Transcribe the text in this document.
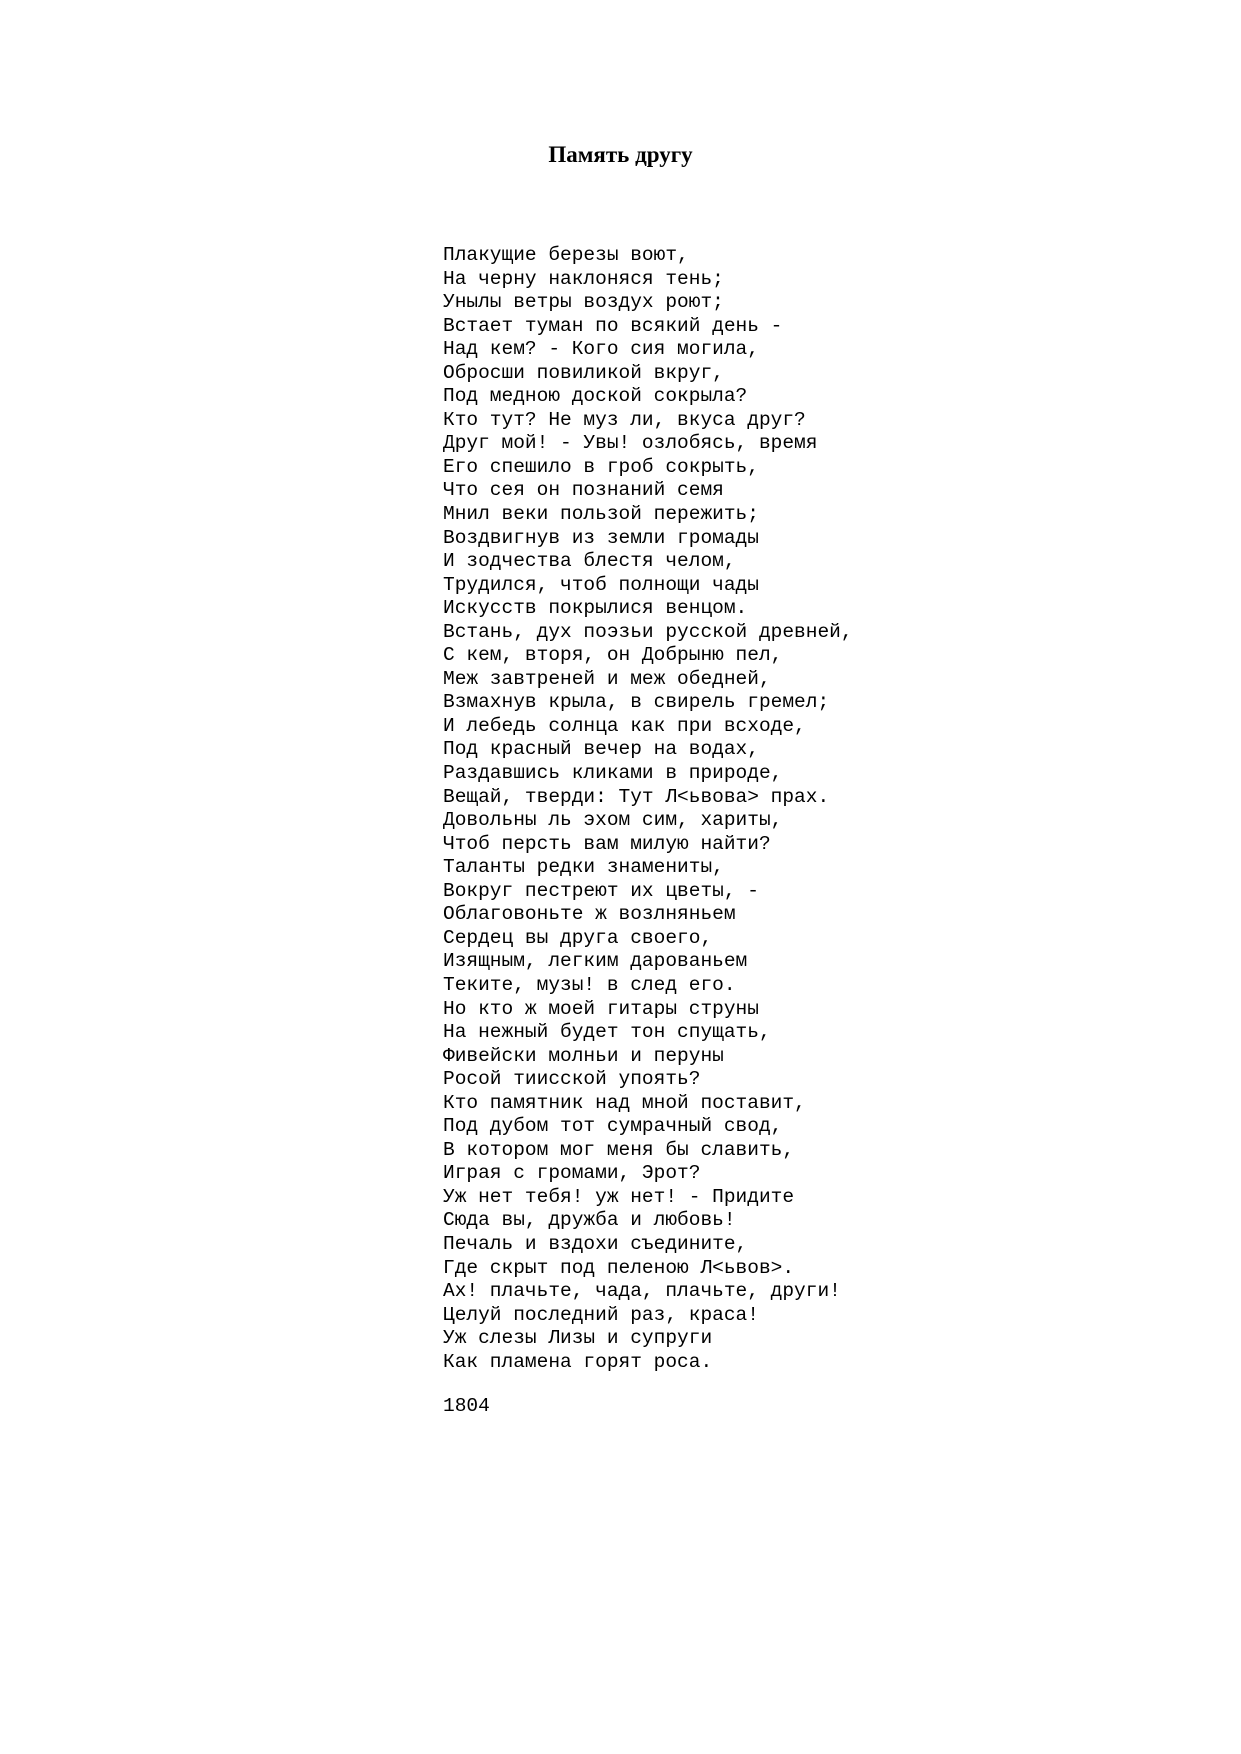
Память другу
Плакущие березы воют,
На черну наклоняся тень;
Унылы ветры воздух роют;
Встает туман по всякий день -
Над кем? - Кого сия могила,
Обросши повиликой вкруг,
Под медною доской сокрыла?
Кто тут? Не муз ли, вкуса друг?
Друг мой! - Увы! озлобясь, время
Его спешило в гроб сокрыть,
Что сея он познаний семя
Мнил веки пользой пережить;
Воздвигнув из земли громады
И зодчества блестя челом,
Трудился, чтоб полнощи чады
Искусств покрылися венцом.
Встань, дух поэзьи русской древней,
С кем, вторя, он Добрыню пел,
Меж завтреней и меж обедней,
Взмахнув крыла, в свирель гремел;
И лебедь солнца как при всходе,
Под красный вечер на водах,
Раздавшись кликами в природе,
Вещай, тверди: Тут Л<ьвова> прах.
Довольны ль эхом сим, хариты,
Чтоб персть вам милую найти?
Таланты редки знамениты,
Вокруг пестреют их цветы, -
Облаговоньте ж возлняньем
Сердец вы друга своего,
Изящным, легким дарованьем
Теките, музы! в след его.
Но кто ж моей гитары струны
На нежный будет тон спущать,
Фивейски молньи и перуны
Росой тиисской упоять?
Кто памятник над мной поставит,
Под дубом тот сумрачный свод,
В котором мог меня бы славить,
Играя с громами, Эрот?
Уж нет тебя! уж нет! - Придите
Сюда вы, дружба и любовь!
Печаль и вздохи съедините,
Где скрыт под пеленою Л<ьвов>.
Ах! плачьте, чада, плачьте, други!
Целуй последний раз, краса!
Уж слезы Лизы и супруги
Как пламена горят роса.

1804
